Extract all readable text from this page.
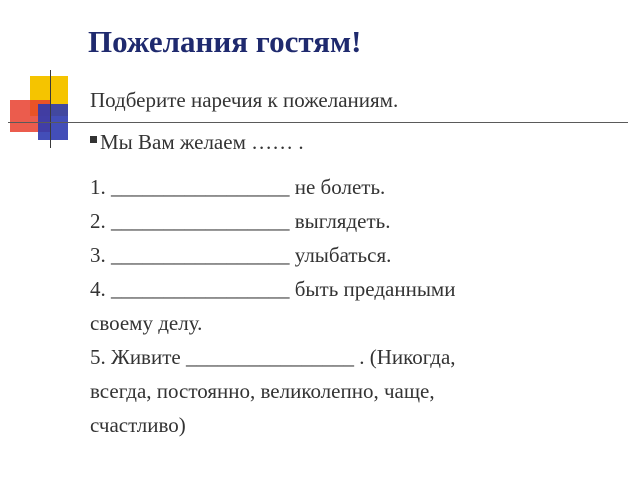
Пожелания гостям!
Подберите наречия к пожеланиям.
Мы Вам желаем …… .
1. _________________ не болеть.
2. _________________ выглядеть.
3. _________________ улыбаться.
4. _________________ быть преданными
своему делу.
5. Живите ________________ . (Никогда,
всегда, постоянно, великолепно, чаще,
счастливо)
